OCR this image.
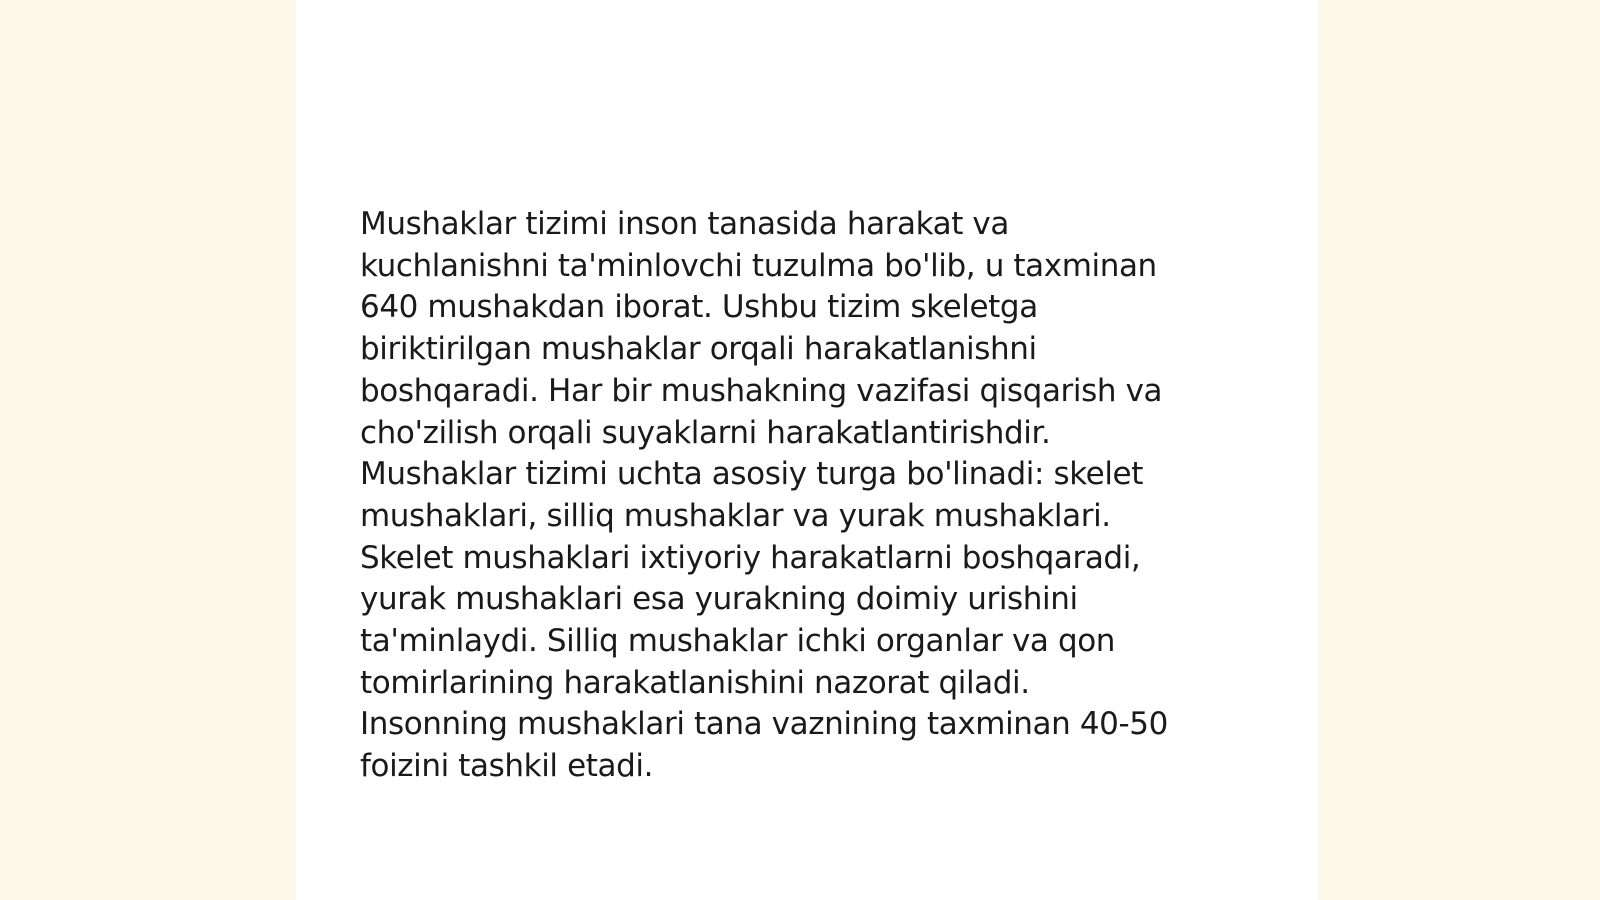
Mushaklar tizimi inson tanasida harakat va
kuchlanishni ta'minlovchi tuzulma bo'lib, u taxminan
640 mushakdan iborat. Ushbu tizim skeletga
biriktirilgan mushaklar orqali harakatlanishni
boshqaradi. Har bir mushakning vazifasi qisqarish va
cho'zilish orqali suyaklarni harakatlantirishdir.
Mushaklar tizimi uchta asosiy turga bo'linadi: skelet
mushaklari, silliq mushaklar va yurak mushaklari.
Skelet mushaklari ixtiyoriy harakatlarni boshqaradi,
yurak mushaklari esa yurakning doimiy urishini
ta'minlaydi. Silliq mushaklar ichki organlar va qon
tomirlarining harakatlanishini nazorat qiladi.
Insonning mushaklari tana vaznining taxminan 40-50
foizini tashkil etadi.
